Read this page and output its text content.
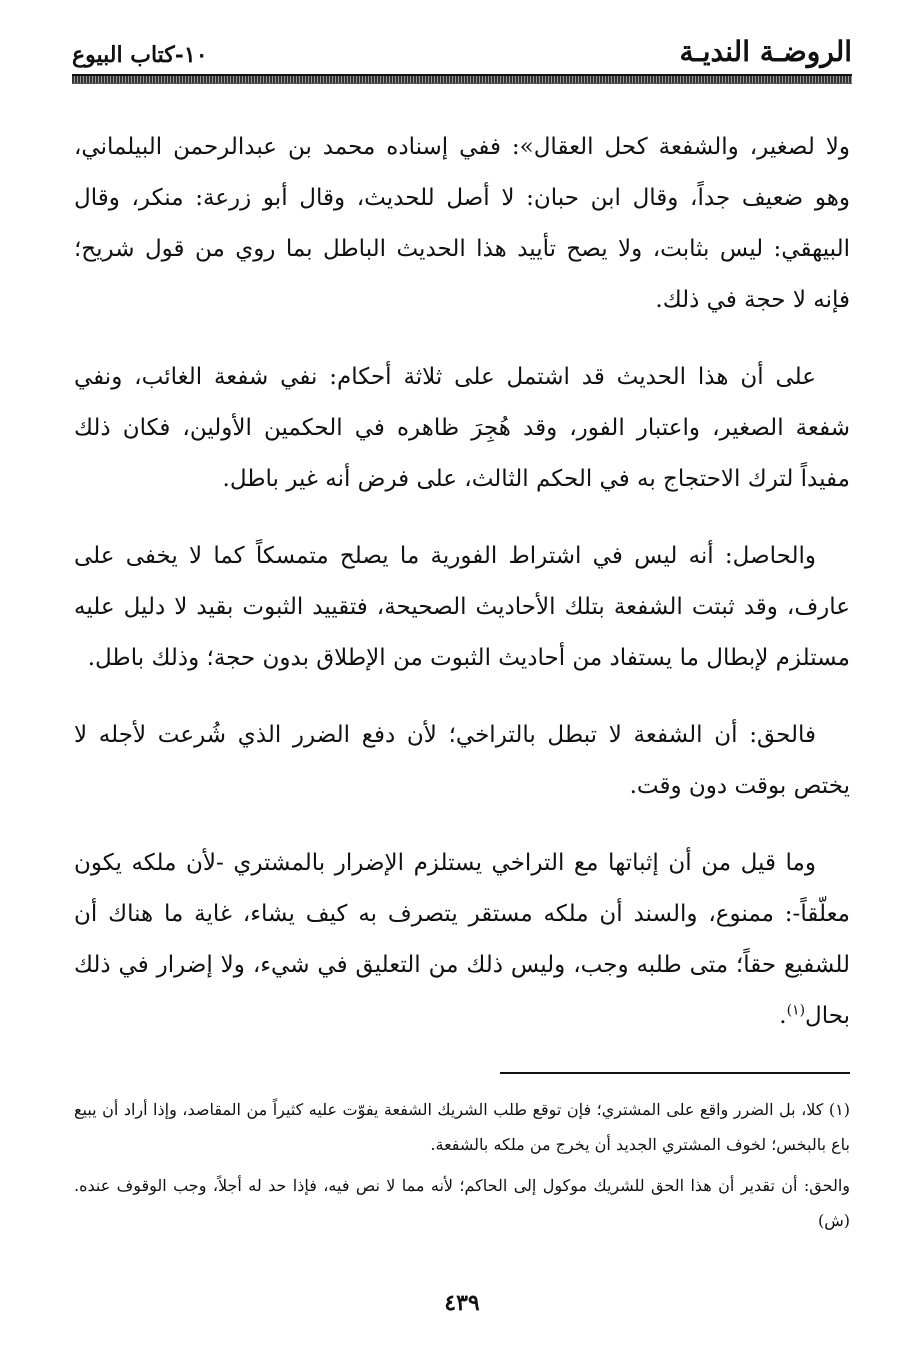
الروضـة النديـة
١٠-كتاب البيوع

ولا لصغير، والشفعة كحل العقال»: ففي إسناده محمد بن عبدالرحمن البيلماني، وهو ضعيف جداً، وقال ابن حبان: لا أصل للحديث، وقال أبو زرعة: منكر، وقال البيهقي: ليس بثابت، ولا يصح تأييد هذا الحديث الباطل بما روي من قول شريح؛ فإنه لا حجة في ذلك.

على أن هذا الحديث قد اشتمل على ثلاثة أحكام: نفي شفعة الغائب، ونفي شفعة الصغير، واعتبار الفور، وقد هُجِرَ ظاهره في الحكمين الأولين، فكان ذلك مفيداً لترك الاحتجاج به في الحكم الثالث، على فرض أنه غير باطل.

والحاصل: أنه ليس في اشتراط الفورية ما يصلح متمسكاً كما لا يخفى على عارف، وقد ثبتت الشفعة بتلك الأحاديث الصحيحة، فتقييد الثبوت بقيد لا دليل عليه مستلزم لإبطال ما يستفاد من أحاديث الثبوت من الإطلاق بدون حجة؛ وذلك باطل.

فالحق: أن الشفعة لا تبطل بالتراخي؛ لأن دفع الضرر الذي شُرعت لأجله لا يختص بوقت دون وقت.

وما قيل من أن إثباتها مع التراخي يستلزم الإضرار بالمشتري -لأن ملكه يكون معلّقاً-: ممنوع، والسند أن ملكه مستقر يتصرف به كيف يشاء، غاية ما هناك أن للشفيع حقاً؛ متى طلبه وجب، وليس ذلك من التعليق في شيء، ولا إضرار في ذلك بحال$^{(١)}$.

(١) كلا، بل الضرر واقع على المشتري؛ فإن توقع طلب الشريك الشفعة يفوّت عليه كثيراً من المقاصد، وإذا أراد أن يبيع باع بالبخس؛ لخوف المشتري الجديد أن يخرج من ملكه بالشفعة.

والحق: أن تقدير أن هذا الحق للشريك موكول إلى الحاكم؛ لأنه مما لا نص فيه، فإذا حد له أجلاً، وجب الوقوف عنده. (ش)

٤٣٩
